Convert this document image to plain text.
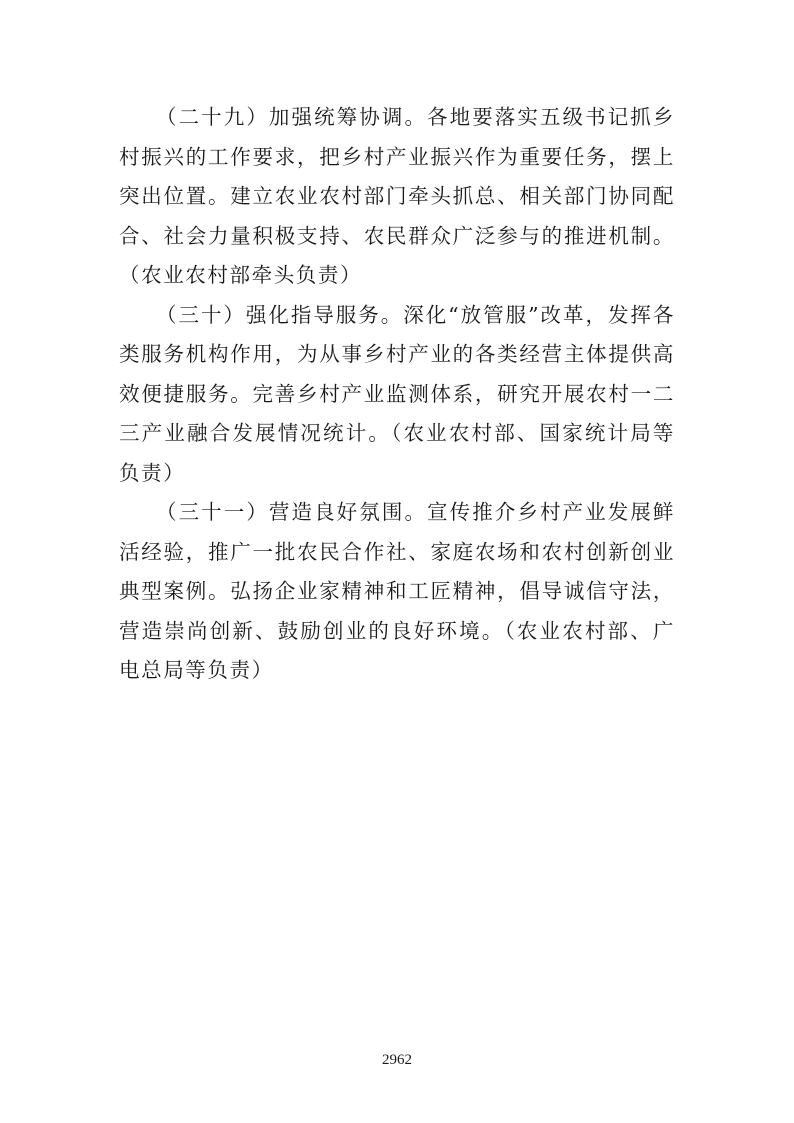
（二十九）加强统筹协调。各地要落实五级书记抓乡村振兴的工作要求，把乡村产业振兴作为重要任务，摆上突出位置。建立农业农村部门牵头抓总、相关部门协同配合、社会力量积极支持、农民群众广泛参与的推进机制。（农业农村部牵头负责）

（三十）强化指导服务。深化“放管服”改革，发挥各类服务机构作用，为从事乡村产业的各类经营主体提供高效便捷服务。完善乡村产业监测体系，研究开展农村一二三产业融合发展情况统计。（农业农村部、国家统计局等负责）

（三十一）营造良好氛围。宣传推介乡村产业发展鲜活经验，推广一批农民合作社、家庭农场和农村创新创业典型案例。弘扬企业家精神和工匠精神，倡导诚信守法，营造崇尚创新、鼓励创业的良好环境。（农业农村部、广电总局等负责）

2962
